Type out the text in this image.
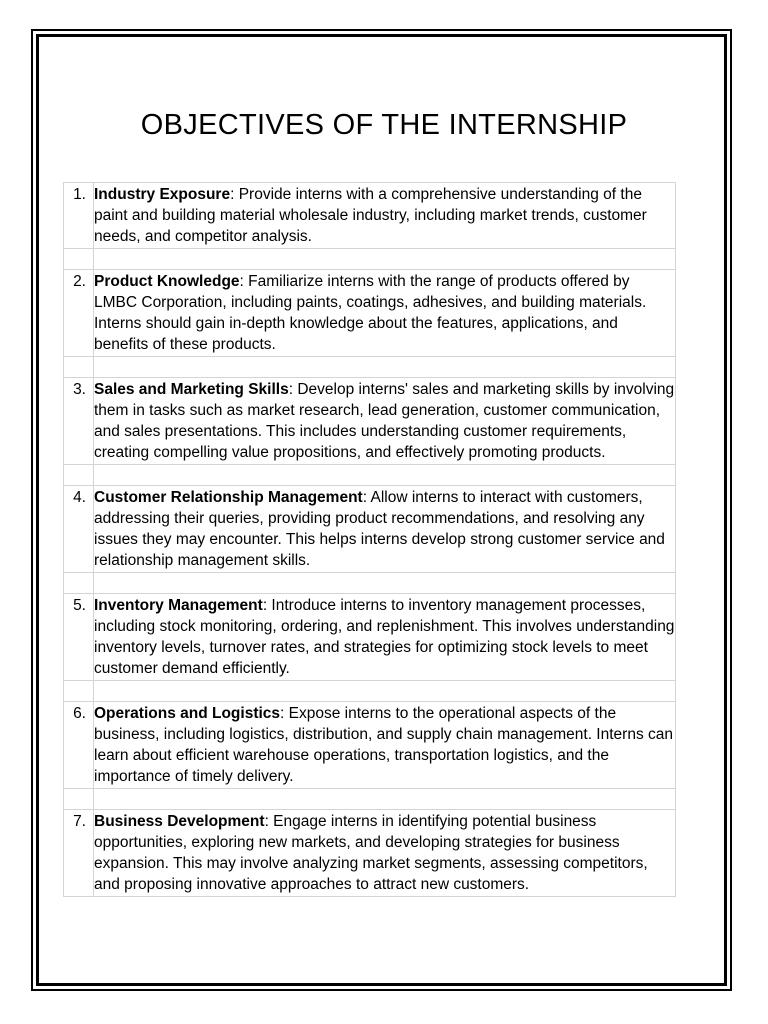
OBJECTIVES OF THE INTERNSHIP
1.	Industry Exposure: Provide interns with a comprehensive understanding of the paint and building material wholesale industry, including market trends, customer needs, and competitor analysis.

2.	Product Knowledge: Familiarize interns with the range of products offered by LMBC Corporation, including paints, coatings, adhesives, and building materials. Interns should gain in-depth knowledge about the features, applications, and benefits of these products.

3.	Sales and Marketing Skills: Develop interns' sales and marketing skills by involving them in tasks such as market research, lead generation, customer communication, and sales presentations. This includes understanding customer requirements, creating compelling value propositions, and effectively promoting products.

4.	Customer Relationship Management: Allow interns to interact with customers, addressing their queries, providing product recommendations, and resolving any issues they may encounter. This helps interns develop strong customer service and relationship management skills.

5.	Inventory Management: Introduce interns to inventory management processes, including stock monitoring, ordering, and replenishment. This involves understanding inventory levels, turnover rates, and strategies for optimizing stock levels to meet customer demand efficiently.

6.	Operations and Logistics: Expose interns to the operational aspects of the business, including logistics, distribution, and supply chain management. Interns can learn about efficient warehouse operations, transportation logistics, and the importance of timely delivery.

7.	Business Development: Engage interns in identifying potential business opportunities, exploring new markets, and developing strategies for business expansion. This may involve analyzing market segments, assessing competitors, and proposing innovative approaches to attract new customers.
